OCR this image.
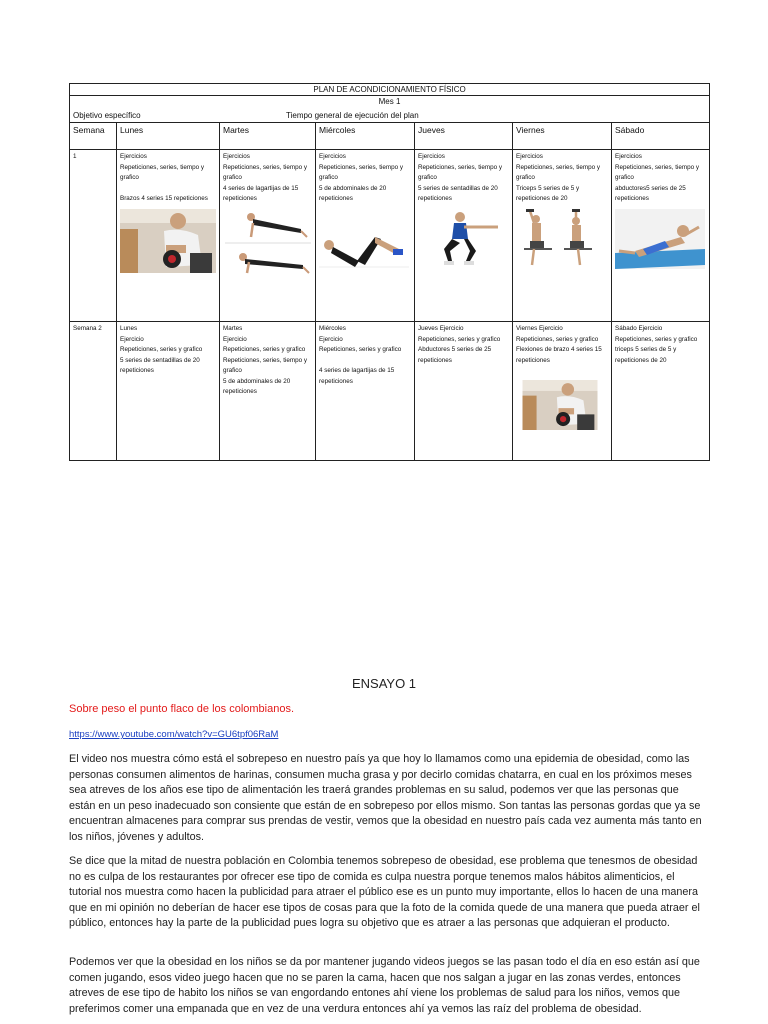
PLAN DE ACONDICIONAMIENTO FÍSICO						

Mes 1
Objetivo específico Tiempo general de ejecución del plan						

Semana	Lunes	Martes	Miércoles	Jueves	Viernes	Sábado
1	Ejercicios
Repeticiones, series, tiempo y grafico

Brazos 4 series 15 repeticiones	Ejercicios
Repeticiones, series, tiempo y grafico
4 series de lagartijas de 15 repeticiones	Ejercicios
Repeticiones, series, tiempo y grafico
5 de abdominales de 20 repeticiones	Ejercicios
Repeticiones, series, tiempo y grafico
5 series de sentadillas de 20 repeticiones	Ejercicios
Repeticiones, series, tiempo y grafico
Triceps 5 series de 5 y repeticiones de 20	Ejercicios
Repeticiones, series, tiempo y grafico
abductores5 series de 25 repeticiones

Semana 2	Lunes
Ejercicio
Repeticiones, series y grafico
5 series de sentadillas de 20 repeticiones	Martes
Ejercicio
Repeticiones, series y grafico
Repeticiones, series, tiempo y grafico
5 de abdominales de 20 repeticiones	Miércoles
Ejercicio
Repeticiones, series y grafico

4 series de lagartijas de 15 repeticiones	Jueves Ejercicio
Repeticiones, series y grafico
Abductores 5 series de 25 repeticiones	Viernes Ejercicio
Repeticiones, series y grafico
Flexiones de brazo 4 series 15 repeticiones	Sábado Ejercicio
Repeticiones, series y grafico
triceps 5 series de 5 y repeticiones de 20
ENSAYO 1
Sobre peso el punto flaco de los colombianos.
https://www.youtube.com/watch?v=GU6tpf06RaM

El video nos muestra cómo está el sobrepeso en nuestro país ya que hoy lo llamamos como una epidemia de obesidad, como las personas consumen alimentos de harinas, consumen mucha grasa y por decirlo comidas chatarra, en cual en los próximos meses sea atreves de los años ese tipo de alimentación les traerá grandes problemas en su salud, podemos ver que las personas que están en un peso inadecuado son consiente que están de en sobrepeso por ellos mismo. Son tantas las personas gordas que ya se encuentran almacenes para comprar sus prendas de vestir, vemos que la obesidad en nuestro país cada vez aumenta más tanto en los niños, jóvenes y adultos.

Se dice que la mitad de nuestra población en Colombia tenemos sobrepeso de obesidad, ese problema que tenesmos de obesidad no es culpa de los restaurantes por ofrecer ese tipo de comida es culpa nuestra porque tenemos malos hábitos alimenticios, el tutorial nos muestra como hacen la publicidad para atraer el público ese es un punto muy importante, ellos lo hacen de una manera que en mi opinión no deberían de hacer ese tipos de cosas para que la foto de la comida quede de una manera que pueda atraer el público, entonces hay la parte de la publicidad pues logra su objetivo que es atraer a las personas que adquieran el producto.

Podemos ver que la obesidad en los niños se da por mantener jugando videos juegos se las pasan todo el día en eso están así que comen jugando, esos video juego hacen que no se paren la cama, hacen que nos salgan a jugar en las zonas verdes, entonces atreves de ese tipo de habito los niños se van engordando entones ahí viene los problemas de salud para los niños, vemos que preferimos comer una empanada que en vez de una verdura entonces ahí ya vemos las raíz del problema de obesidad.
